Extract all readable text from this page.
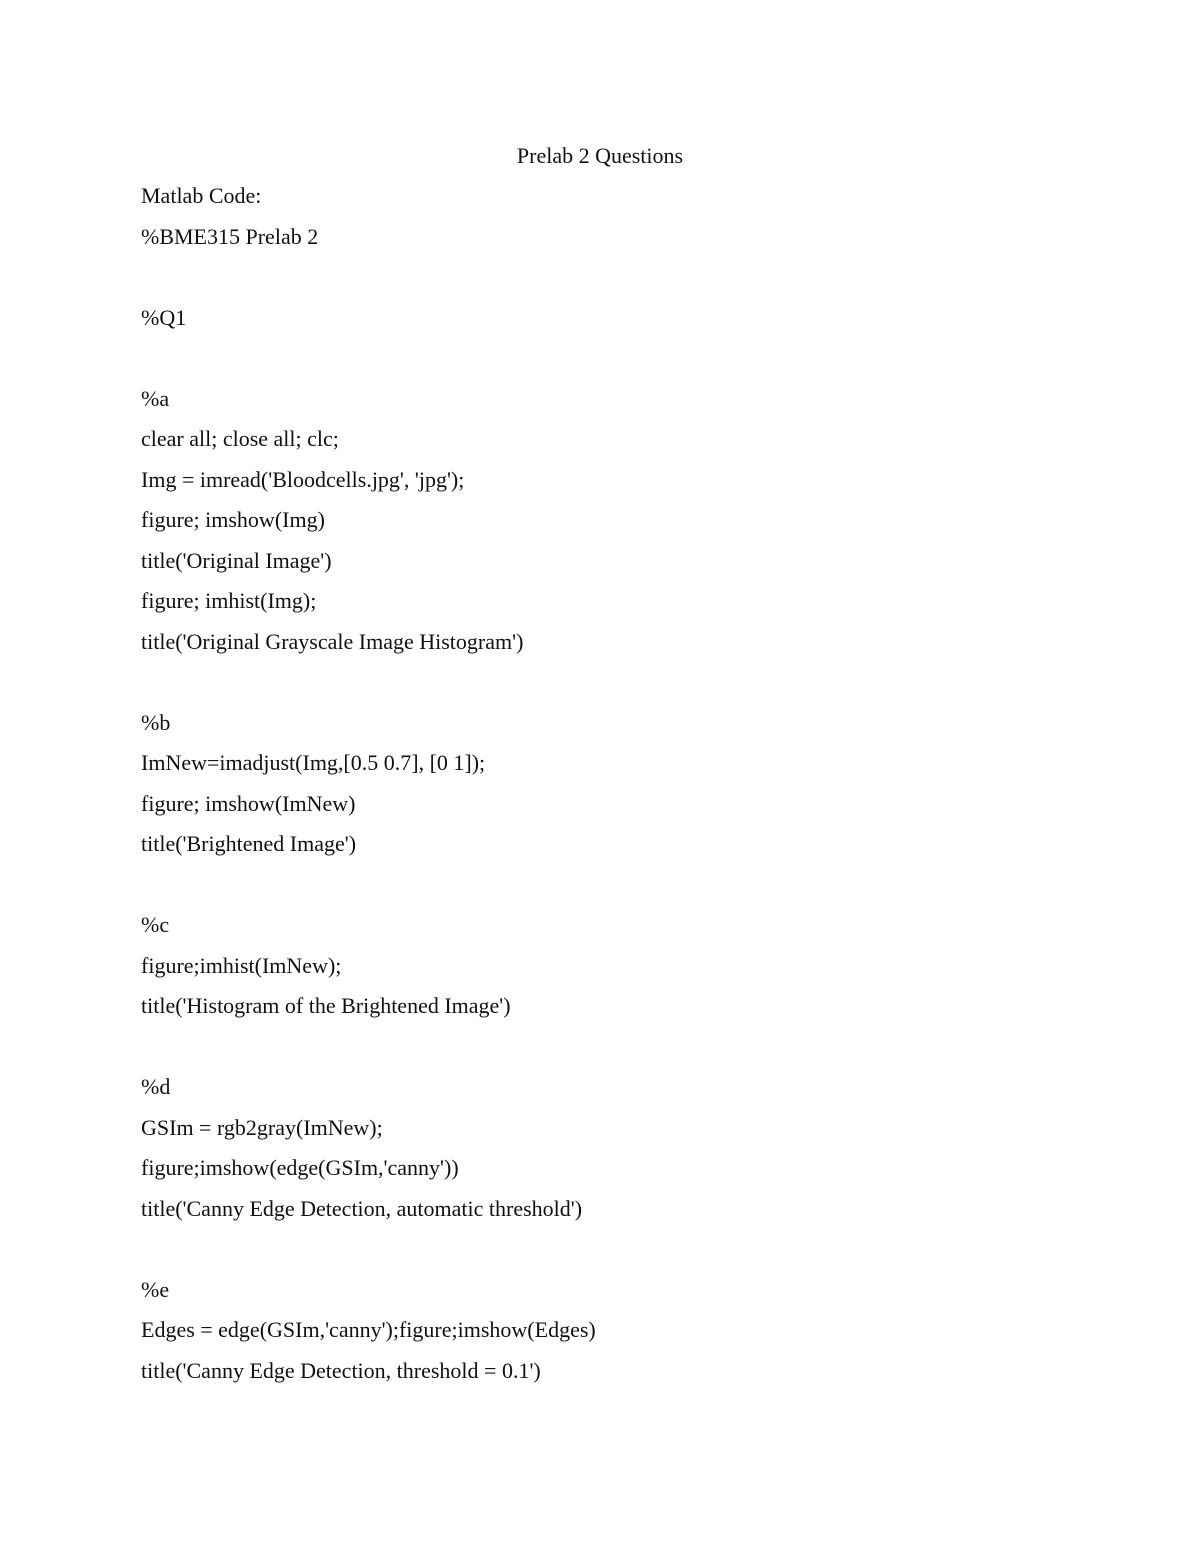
Prelab 2 Questions
Matlab Code:
%BME315 Prelab 2
%Q1
%a
clear all; close all; clc;
Img = imread('Bloodcells.jpg', 'jpg');
figure; imshow(Img)
title('Original Image')
figure; imhist(Img);
title('Original Grayscale Image Histogram')
%b
ImNew=imadjust(Img,[0.5 0.7], [0 1]);
figure; imshow(ImNew)
title('Brightened Image')
%c
figure;imhist(ImNew);
title('Histogram of the Brightened Image')
%d
GSIm = rgb2gray(ImNew);
figure;imshow(edge(GSIm,'canny'))
title('Canny Edge Detection, automatic threshold')
%e
Edges = edge(GSIm,'canny');figure;imshow(Edges)
title('Canny Edge Detection, threshold = 0.1')
